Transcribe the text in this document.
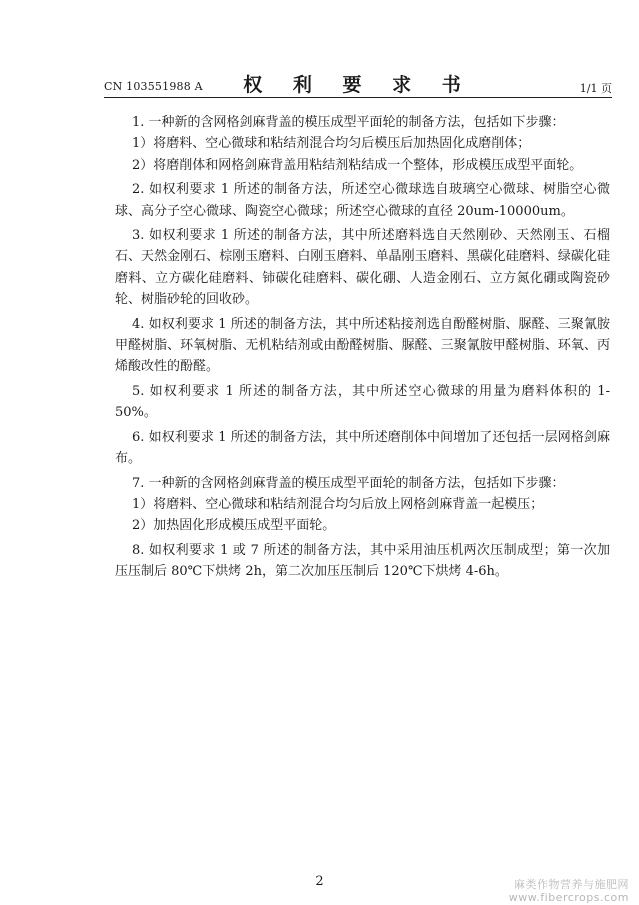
CN 103551988 A	权 利 要 求 书	1/1 页

1. 一种新的含网格剑麻背盖的模压成型平面轮的制备方法，包括如下步骤：

1）将磨料、空心微球和粘结剂混合均匀后模压后加热固化成磨削体；

2）将磨削体和网格剑麻背盖用粘结剂粘结成一个整体，形成模压成型平面轮。

2. 如权利要求 1 所述的制备方法，所述空心微球选自玻璃空心微球、树脂空心微球、高分子空心微球、陶瓷空心微球；所述空心微球的直径 20um-10000um。

3. 如权利要求 1 所述的制备方法，其中所述磨料选自天然刚砂、天然刚玉、石榴石、天然金刚石、棕刚玉磨料、白刚玉磨料、单晶刚玉磨料、黑碳化硅磨料、绿碳化硅磨料、立方碳化硅磨料、铈碳化硅磨料、碳化硼、人造金刚石、立方氮化硼或陶瓷砂轮、树脂砂轮的回收砂。

4. 如权利要求 1 所述的制备方法，其中所述粘接剂选自酚醛树脂、脲醛、三聚氰胺甲醛树脂、环氧树脂、无机粘结剂或由酚醛树脂、脲醛、三聚氰胺甲醛树脂、环氧、丙烯酸改性的酚醛。

5. 如权利要求 1 所述的制备方法，其中所述空心微球的用量为磨料体积的 1-50%。

6. 如权利要求 1 所述的制备方法，其中所述磨削体中间增加了还包括一层网格剑麻布。

7. 一种新的含网格剑麻背盖的模压成型平面轮的制备方法，包括如下步骤：

1）将磨料、空心微球和粘结剂混合均匀后放上网格剑麻背盖一起模压；

2）加热固化形成模压成型平面轮。

8. 如权利要求 1 或 7 所述的制备方法，其中采用油压机两次压制成型；第一次加压压制后 80℃下烘烤 2h，第二次加压压制后 120℃下烘烤 4-6h。

2	麻类作物营养与施肥网
www.fibercrops.com
